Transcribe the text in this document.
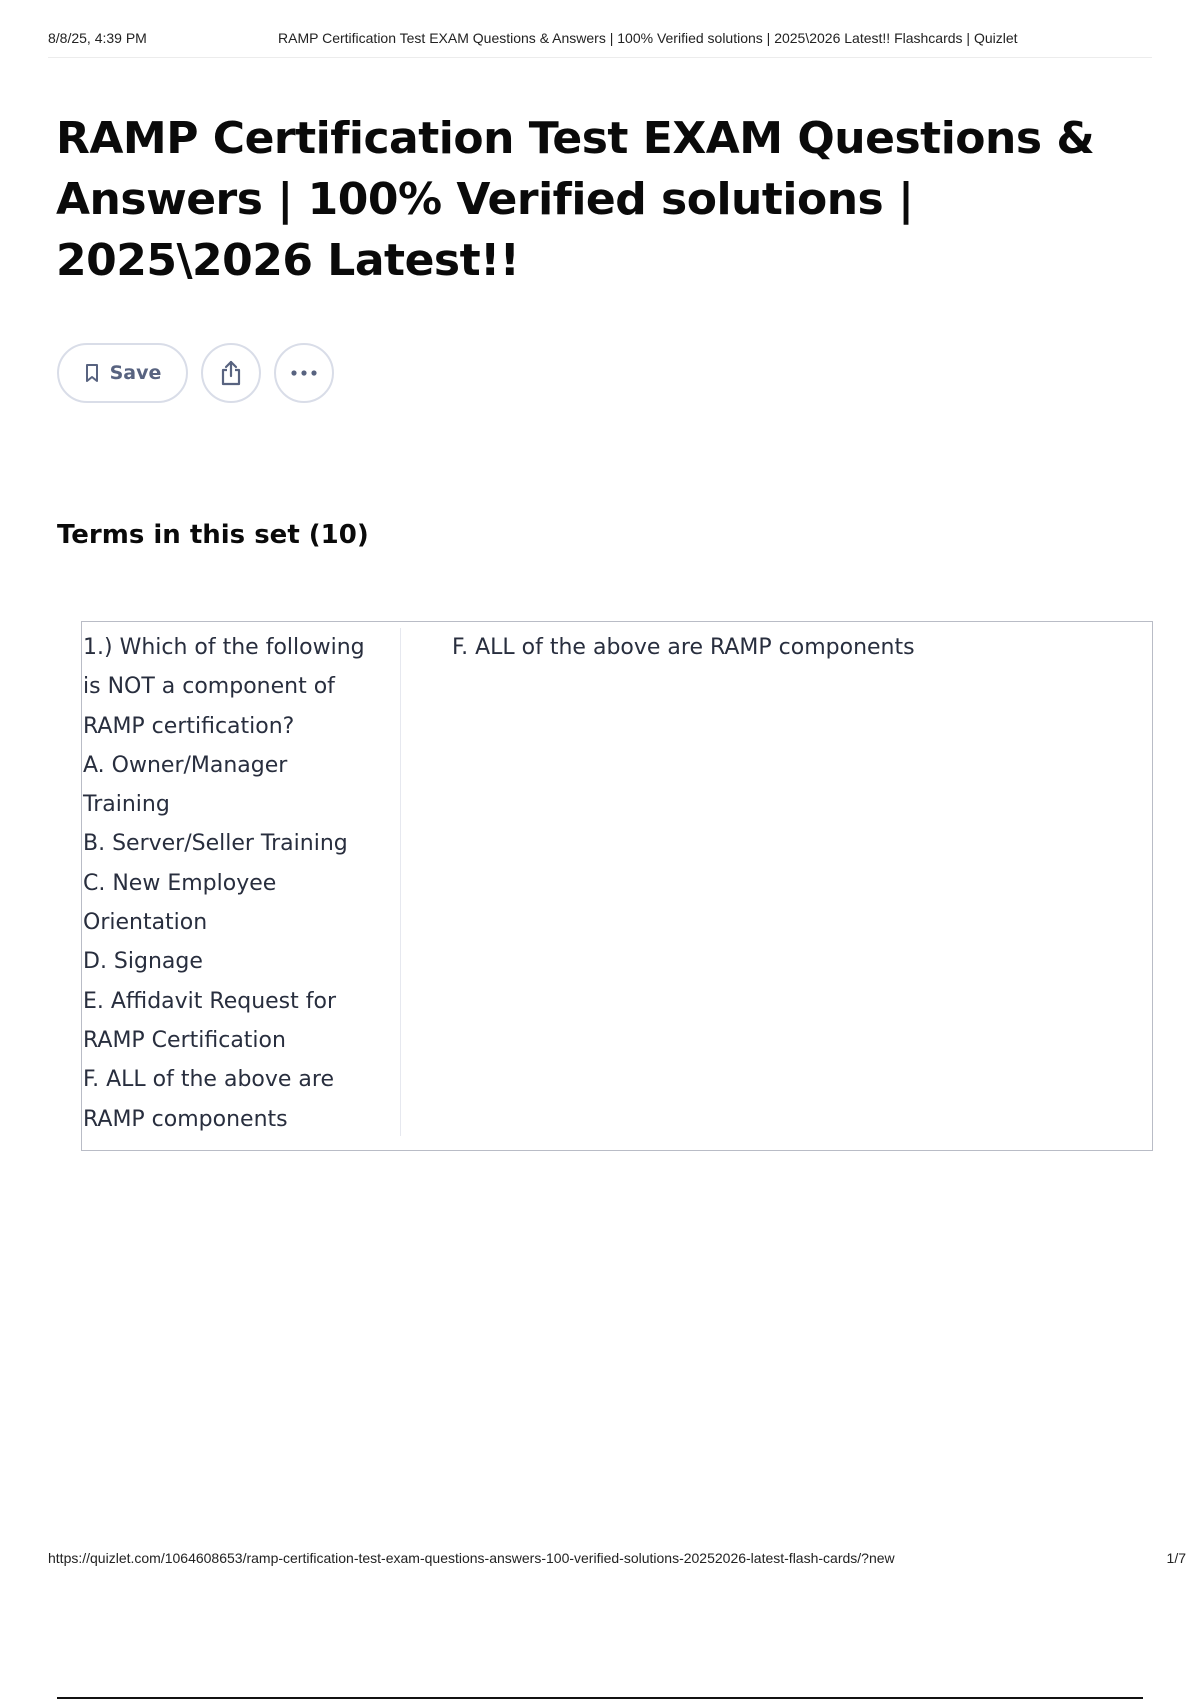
8/8/25, 4:39 PM	RAMP Certification Test EXAM Questions & Answers | 100% Verified solutions | 2025\2026 Latest!! Flashcards | Quizlet
RAMP Certification Test EXAM Questions & Answers | 100% Verified solutions | 2025\2026 Latest!!
Save
Terms in this set (10)
1.) Which of the following
is NOT a component of
RAMP certification?
A. Owner/Manager
Training
B. Server/Seller Training
C. New Employee
Orientation
D. Signage
E. Affidavit Request for
RAMP Certification
F. ALL of the above are
RAMP components
F. ALL of the above are RAMP components
https://quizlet.com/1064608653/ramp-certification-test-exam-questions-answers-100-verified-solutions-20252026-latest-flash-cards/?new	1/7
